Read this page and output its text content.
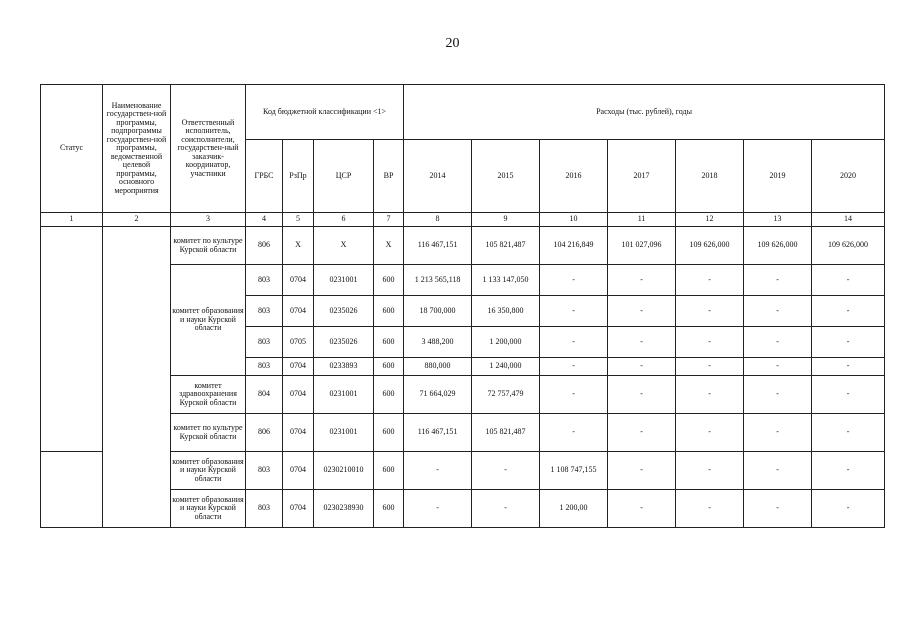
20
Статус	Наименование государствен-ной программы, подпрограммы государствен-ной программы, ведомственной целевой программы, основного мероприятия	Ответственный исполнитель, соисполнители, государствен-ный заказчик-координатор, участники	Код бюджетной классификации <1>				Расходы (тыс. рублей), годы						
			ГРБС	РзПр	ЦСР	ВР	2014	2015	2016	2017	2018	2019	2020
1	2	3	4	5	6	7	8	9	10	11	12	13	14
		комитет по культуре Курской области	806	Х	Х	Х	116 467,151	105 821,487	104 216,849	101 027,096	109 626,000	109 626,000	109 626,000
		комитет образования и науки Курской области	803	0704	0231001	600	1 213 565,118	1 133 147,050	-	-	-	-	-
			803	0704	0235026	600	18 700,000	16 350,800	-	-	-	-	-
			803	0705	0235026	600	3 488,200	1 200,000	-	-	-	-	-
			803	0704	0233893	600	880,000	1 240,000	-	-	-	-	-
		комитет здравоохранения Курской области	804	0704	0231001	600	71 664,029	72 757,479	-	-	-	-	-
		комитет по культуре Курской области	806	0704	0231001	600	116 467,151	105 821,487	-	-	-	-	-
		комитет образования и науки Курской области	803	0704	0230210010	600	-	-	1 108 747,155	-	-	-	-
		комитет образования и науки Курской области	803	0704	0230238930	600	-	-	1 200,00	-	-	-	-
